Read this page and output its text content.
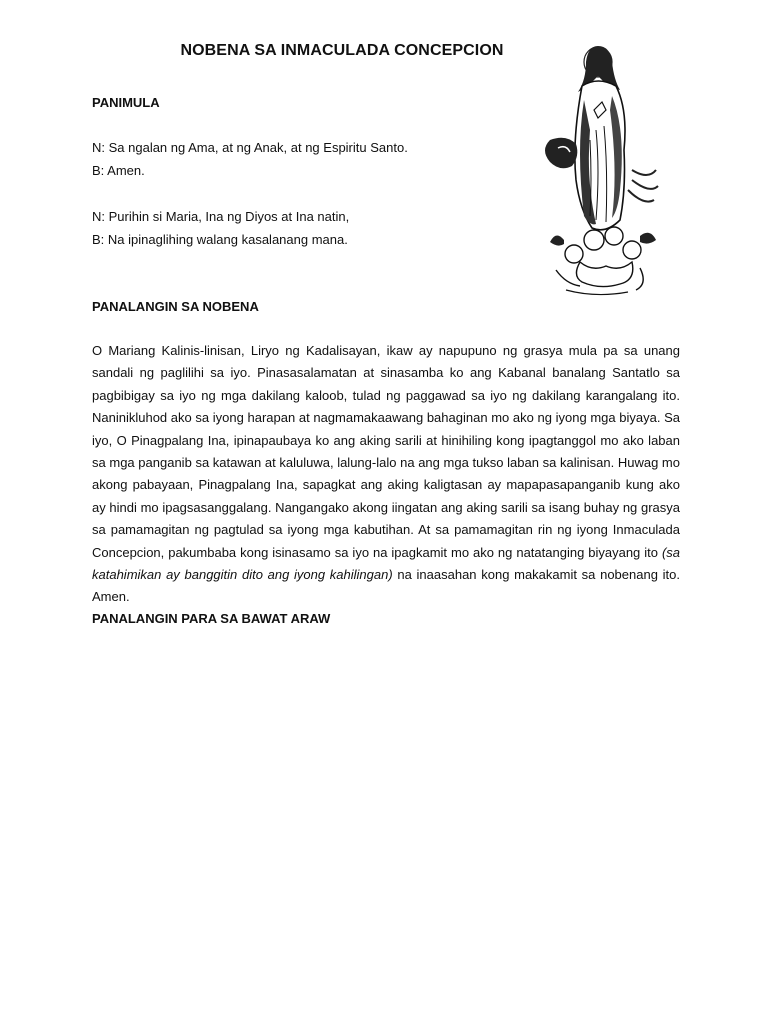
NOBENA SA INMACULADA CONCEPCION
PANIMULA
N: Sa ngalan ng Ama, at ng Anak, at ng Espiritu Santo.
B: Amen.
N: Purihin si Maria, Ina ng Diyos at Ina natin,
B: Na ipinaglihing walang kasalanang mana.
PANALANGIN SA NOBENA
O Mariang Kalinis-linisan, Liryo ng Kadalisayan, ikaw ay napupuno ng grasya mula pa sa unang sandali ng paglilihi sa iyo. Pinasasalamatan at sinasamba ko ang Kabanal banalang Santatlo sa pagbibigay sa iyo ng mga dakilang kaloob, tulad ng paggawad sa iyo ng dakilang karangalang ito. Naninikluhod ako sa iyong harapan at nagmamakaawang bahaginan mo ako ng iyong mga biyaya. Sa iyo, O Pinagpalang Ina, ipinapaubaya ko ang aking sarili at hinihiling kong ipagtanggol mo ako laban sa mga panganib sa katawan at kaluluwa, lalung-lalo na ang mga tukso laban sa kalinisan. Huwag mo akong pabayaan, Pinagpalang Ina, sapagkat ang aking kaligtasan ay mapapasapanganib kung ako ay hindi mo ipagsasanggalang. Nangangako akong iingatan ang aking sarili sa isang buhay ng grasya sa pamamagitan ng pagtulad sa iyong mga kabutihan. At sa pamamagitan rin ng iyong Inmaculada Concepcion, pakumbaba kong isinasamo sa iyo na ipagkamit mo ako ng natatanging biyayang ito (sa katahimikan ay banggitin dito ang iyong kahilingan) na inaasahan kong makakamit sa nobenang ito. Amen.
PANALANGIN PARA SA BAWAT ARAW
